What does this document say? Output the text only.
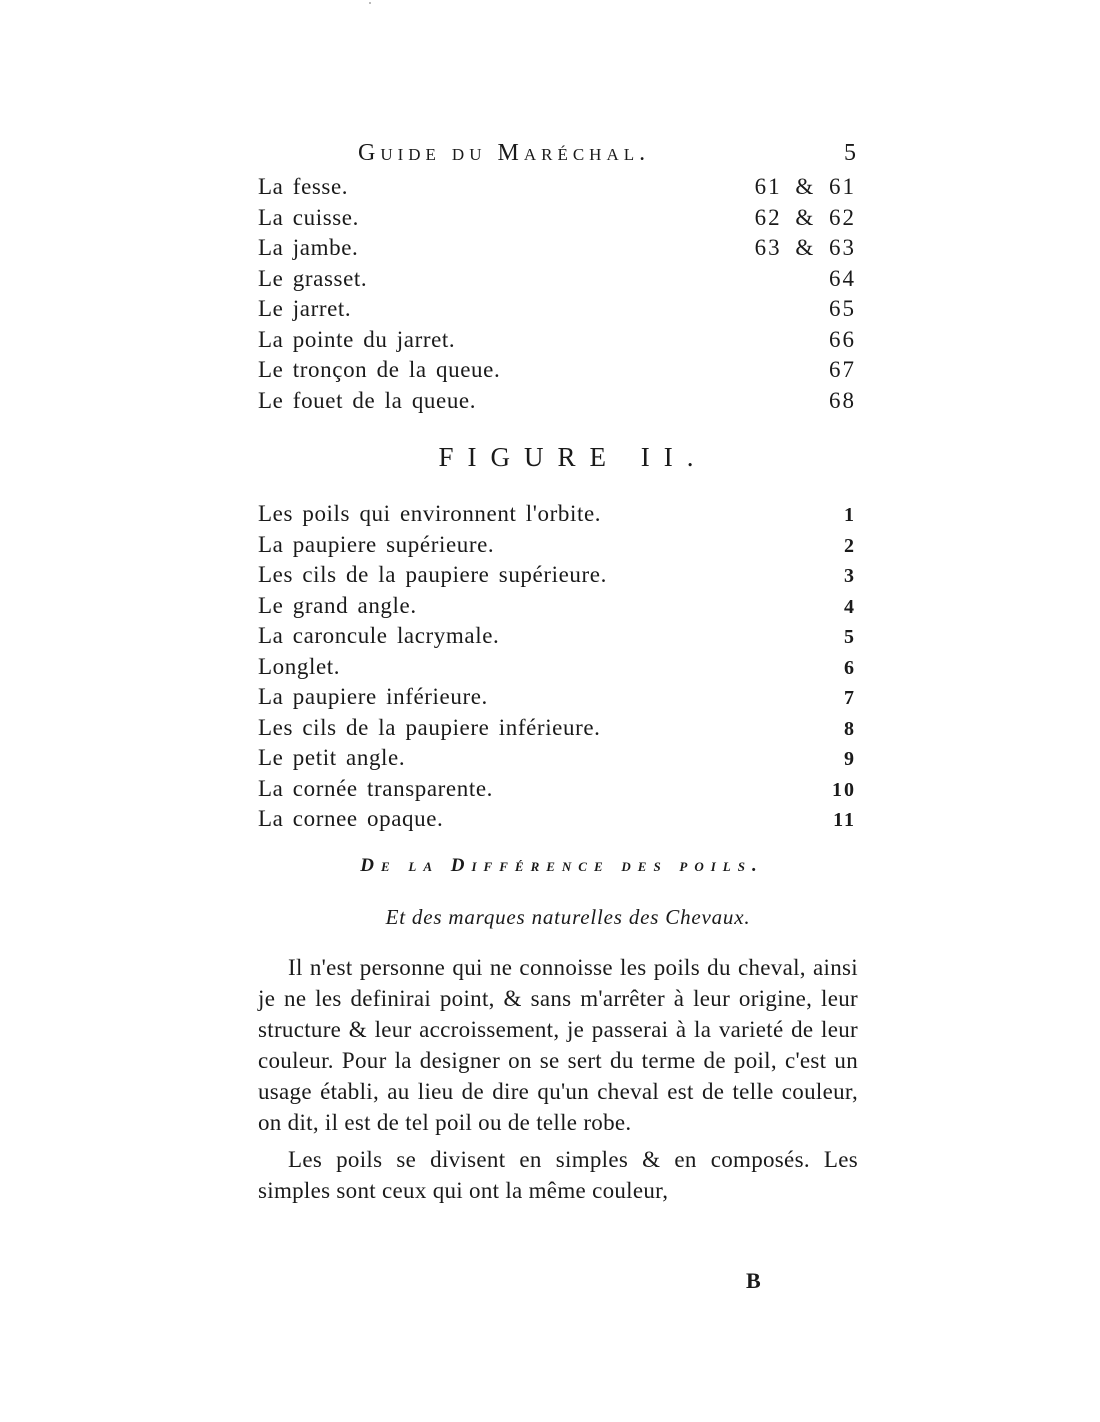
Guide du Maréchal.	5
La fesse.	61 & 61
La cuisse.	62 & 62
La jambe.	63 & 63
Le grasset.	64
Le jarret.	65
La pointe du jarret.	66
Le tronçon de la queue.	67
Le fouet de la queue.	68
FIGURE II.
Les poils qui environnent l'orbite.	1
La paupiere supérieure.	2
Les cils de la paupiere supérieure.	3
Le grand angle.	4
La caroncule lacrymale.	5
Longlet.	6
La paupiere inférieure.	7
Les cils de la paupiere inférieure.	8
Le petit angle.	9
La cornée transparente.	10
La cornee opaque.	11
De la Différence des poils.
Et des marques naturelles des Chevaux.

Il n'est personne qui ne connoisse les poils du cheval, ainsi je ne les definirai point, & sans m'arrêter à leur origine, leur structure & leur accroissement, je passerai à la varieté de leur couleur. Pour la designer on se sert du terme de poil, c'est un usage établi, au lieu de dire qu'un cheval est de telle couleur, on dit, il est de tel poil ou de telle robe.

Les poils se divisent en simples & en composés. Les simples sont ceux qui ont la même couleur,

B
